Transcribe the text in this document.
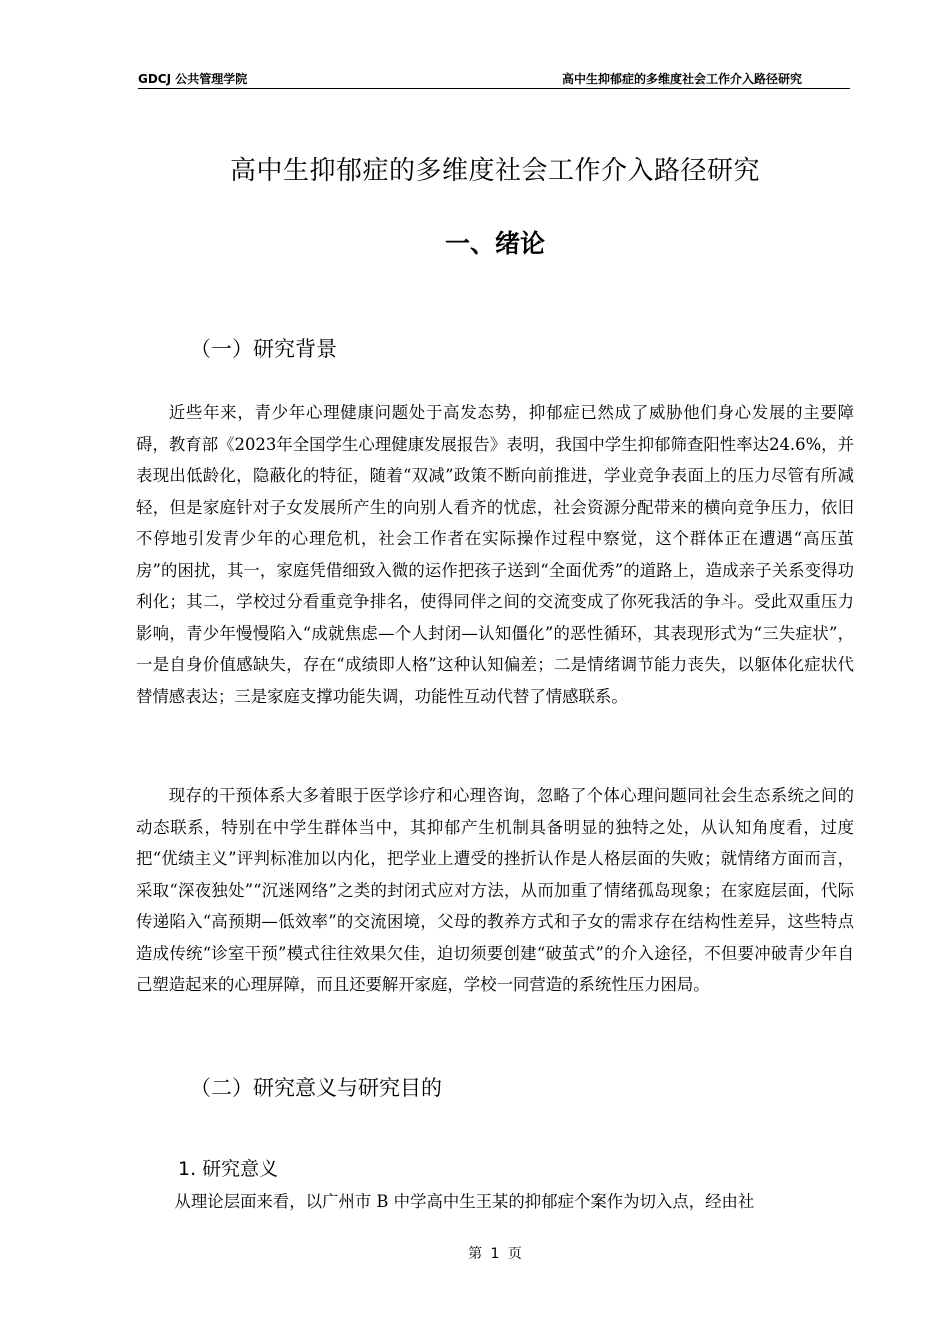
GDCJ 公共管理学院	高中生抑郁症的多维度社会工作介入路径研究
高中生抑郁症的多维度社会工作介入路径研究
一、绪论
（一）研究背景

近些年来，青少年心理健康问题处于高发态势，抑郁症已然成了威胁他们身心发展的主要障碍，教育部《2023年全国学生心理健康发展报告》表明，我国中学生抑郁筛查阳性率达24.6%，并表现出低龄化，隐蔽化的特征，随着“双减”政策不断向前推进，学业竞争表面上的压力尽管有所减轻，但是家庭针对子女发展所产生的向别人看齐的忧虑，社会资源分配带来的横向竞争压力，依旧不停地引发青少年的心理危机，社会工作者在实际操作过程中察觉，这个群体正在遭遇“高压茧房”的困扰，其一，家庭凭借细致入微的运作把孩子送到“全面优秀”的道路上，造成亲子关系变得功利化；其二，学校过分看重竞争排名，使得同伴之间的交流变成了你死我活的争斗。受此双重压力影响，青少年慢慢陷入“成就焦虑—个人封闭—认知僵化”的恶性循环，其表现形式为“三失症状”，一是自身价值感缺失，存在“成绩即人格”这种认知偏差；二是情绪调节能力丧失，以躯体化症状代替情感表达；三是家庭支撑功能失调，功能性互动代替了情感联系。

现存的干预体系大多着眼于医学诊疗和心理咨询，忽略了个体心理问题同社会生态系统之间的动态联系，特别在中学生群体当中，其抑郁产生机制具备明显的独特之处，从认知角度看，过度把“优绩主义”评判标准加以内化，把学业上遭受的挫折认作是人格层面的失败；就情绪方面而言，采取“深夜独处”“沉迷网络”之类的封闭式应对方法，从而加重了情绪孤岛现象；在家庭层面，代际传递陷入“高预期—低效率”的交流困境，父母的教养方式和子女的需求存在结构性差异，这些特点造成传统“诊室干预”模式往往效果欠佳，迫切须要创建“破茧式”的介入途径，不但要冲破青少年自己塑造起来的心理屏障，而且还要解开家庭，学校一同营造的系统性压力困局。

（二）研究意义与研究目的
1. 研究意义

从理论层面来看，以广州市 B 中学高中生王某的抑郁症个案作为切入点，经由社

第 1 页
